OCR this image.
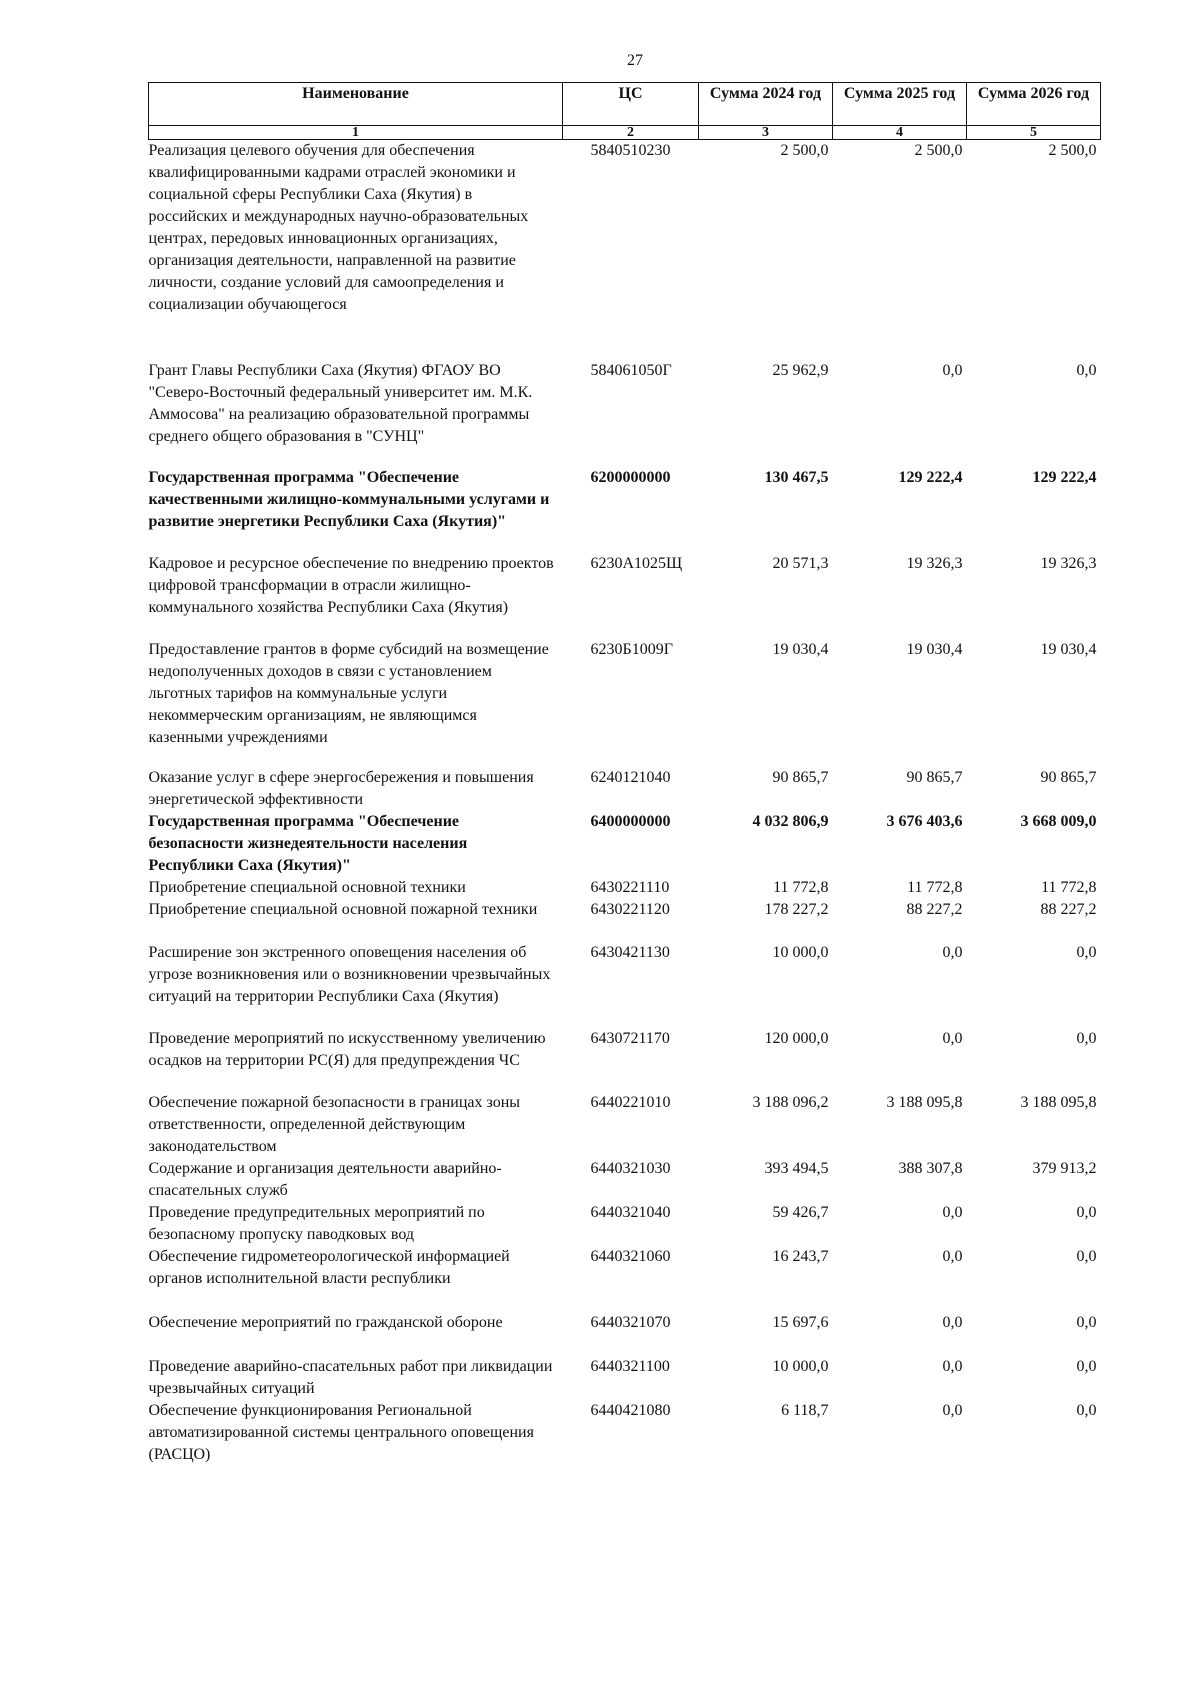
27
Наименование	ЦС	Сумма 2024 год	Сумма 2025 год	Сумма 2026 год
1	2	3	4	5
Реализация целевого обучения для обеспечения квалифицированными кадрами отраслей экономики и социальной сферы Республики Саха (Якутия) в российских и международных научно-образовательных центрах, передовых инновационных организациях, организация деятельности, направленной на развитие личности, создание условий для самоопределения и социализации обучающегося	5840510230	2 500,0	2 500,0	2 500,0
Грант Главы Республики Саха (Якутия) ФГАОУ ВО "Северо-Восточный федеральный университет им. М.К. Аммосова" на реализацию образовательной программы среднего общего образования в "СУНЦ"	584061050Г	25 962,9	0,0	0,0
Государственная программа "Обеспечение качественными жилищно-коммунальными услугами и развитие энергетики Республики Саха (Якутия)"	6200000000	130 467,5	129 222,4	129 222,4
Кадровое и ресурсное обеспечение по внедрению проектов цифровой трансформации в отрасли жилищно-коммунального хозяйства Республики Саха (Якутия)	6230А1025Щ	20 571,3	19 326,3	19 326,3
Предоставление грантов в форме субсидий на возмещение недополученных доходов в связи с установлением льготных тарифов на коммунальные услуги некоммерческим организациям, не являющимся казенными учреждениями	6230Б1009Г	19 030,4	19 030,4	19 030,4
Оказание услуг в сфере энергосбережения и повышения энергетической эффективности	6240121040	90 865,7	90 865,7	90 865,7
Государственная программа "Обеспечение безопасности жизнедеятельности населения Республики Саха (Якутия)"	6400000000	4 032 806,9	3 676 403,6	3 668 009,0
Приобретение специальной основной техники	6430221110	11 772,8	11 772,8	11 772,8
Приобретение специальной основной пожарной техники	6430221120	178 227,2	88 227,2	88 227,2
Расширение зон экстренного оповещения населения об угрозе возникновения или о возникновении чрезвычайных ситуаций на территории Республики Саха (Якутия)	6430421130	10 000,0	0,0	0,0
Проведение мероприятий по искусственному увеличению осадков на территории РС(Я) для предупреждения ЧС	6430721170	120 000,0	0,0	0,0
Обеспечение пожарной безопасности в границах зоны ответственности, определенной действующим законодательством	6440221010	3 188 096,2	3 188 095,8	3 188 095,8
Содержание и организация деятельности аварийно-спасательных служб	6440321030	393 494,5	388 307,8	379 913,2
Проведение предупредительных мероприятий по безопасному пропуску паводковых вод	6440321040	59 426,7	0,0	0,0
Обеспечение гидрометеорологической информацией органов исполнительной власти республики	6440321060	16 243,7	0,0	0,0
Обеспечение мероприятий по гражданской обороне	6440321070	15 697,6	0,0	0,0
Проведение аварийно-спасательных работ при ликвидации чрезвычайных ситуаций	6440321100	10 000,0	0,0	0,0
Обеспечение функционирования Региональной автоматизированной системы центрального оповещения (РАСЦО)	6440421080	6 118,7	0,0	0,0
